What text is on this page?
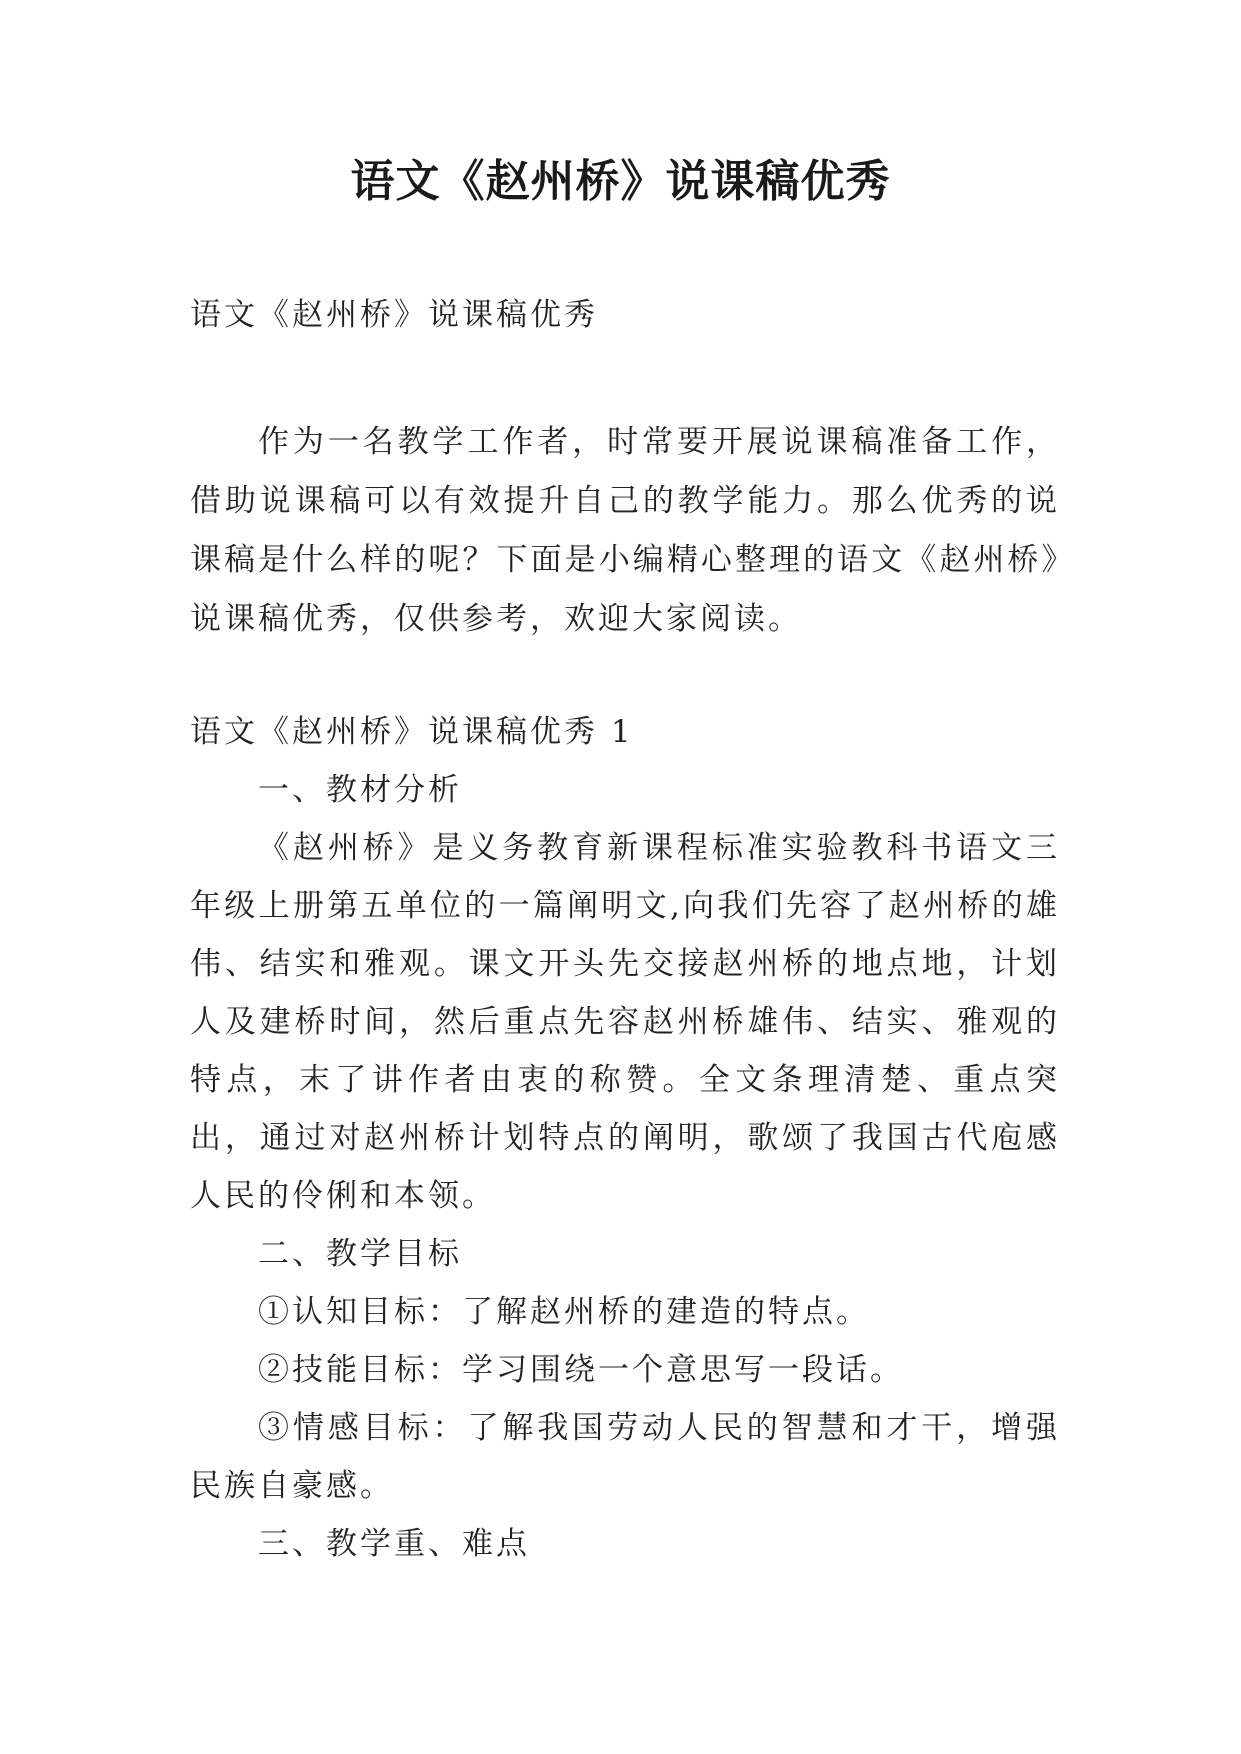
语文《赵州桥》说课稿优秀

语文《赵州桥》说课稿优秀

作为一名教学工作者，时常要开展说课稿准备工作，借助说课稿可以有效提升自己的教学能力。那么优秀的说课稿是什么样的呢？下面是小编精心整理的语文《赵州桥》说课稿优秀，仅供参考，欢迎大家阅读。

语文《赵州桥》说课稿优秀 1

一、教材分析

《赵州桥》是义务教育新课程标准实验教科书语文三年级上册第五单位的一篇阐明文,向我们先容了赵州桥的雄伟、结实和雅观。课文开头先交接赵州桥的地点地，计划人及建桥时间，然后重点先容赵州桥雄伟、结实、雅观的特点，末了讲作者由衷的称赞。全文条理清楚、重点突出，通过对赵州桥计划特点的阐明，歌颂了我国古代庖感人民的伶俐和本领。

二、教学目标

①认知目标：了解赵州桥的建造的特点。

②技能目标：学习围绕一个意思写一段话。

③情感目标：了解我国劳动人民的智慧和才干，增强民族自豪感。

三、教学重、难点
